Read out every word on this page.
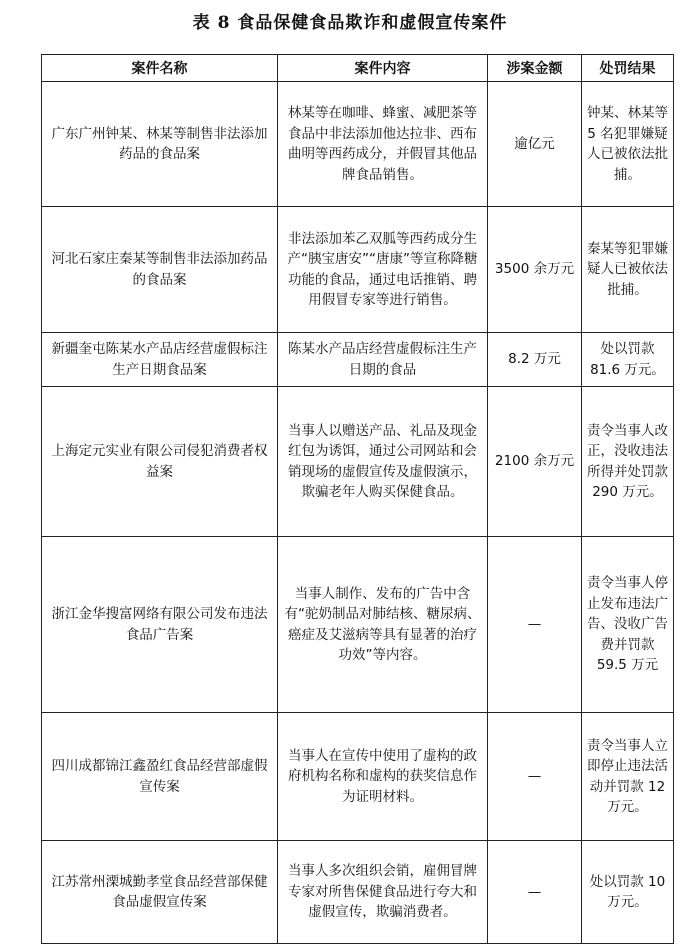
表 8 食品保健食品欺诈和虚假宣传案件
案件名称	案件内容	涉案金额	处罚结果
广东广州钟某、林某等制售非法添加药品的食品案	林某等在咖啡、蜂蜜、减肥茶等食品中非法添加他达拉非、西布曲明等西药成分，并假冒其他品牌食品销售。	逾亿元	钟某、林某等 5 名犯罪嫌疑人已被依法批捕。
河北石家庄秦某等制售非法添加药品的食品案	非法添加苯乙双胍等西药成分生产“胰宝唐安”“唐康”等宣称降糖功能的食品，通过电话推销、聘用假冒专家等进行销售。	3500 余万元	秦某等犯罪嫌疑人已被依法批捕。
新疆奎屯陈某水产品店经营虚假标注生产日期食品案	陈某水产品店经营虚假标注生产日期的食品	8.2 万元	处以罚款 81.6 万元。
上海定元实业有限公司侵犯消费者权益案	当事人以赠送产品、礼品及现金红包为诱饵，通过公司网站和会销现场的虚假宣传及虚假演示，欺骗老年人购买保健食品。	2100 余万元	责令当事人改正，没收违法所得并处罚款 290 万元。
浙江金华搜富网络有限公司发布违法食品广告案	当事人制作、发布的广告中含有“驼奶制品对肺结核、糖尿病、癌症及艾滋病等具有显著的治疗功效”等内容。	—	责令当事人停止发布违法广告、没收广告费并罚款 59.5 万元
四川成都锦江鑫盈红食品经营部虚假宣传案	当事人在宣传中使用了虚构的政府机构名称和虚构的获奖信息作为证明材料。	—	责令当事人立即停止违法活动并罚款 12 万元。
江苏常州溧城勤孝堂食品经营部保健食品虚假宣传案	当事人多次组织会销，雇佣冒牌专家对所售保健食品进行夸大和虚假宣传，欺骗消费者。	—	处以罚款 10 万元。
